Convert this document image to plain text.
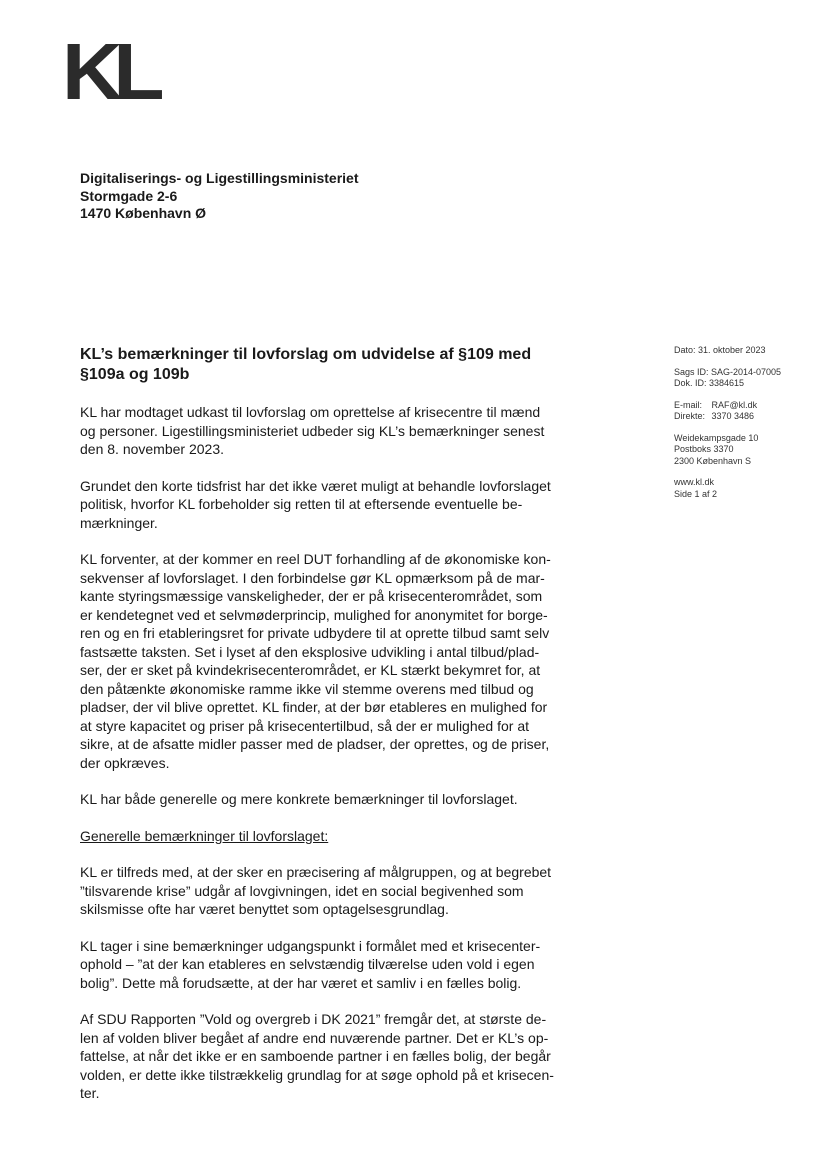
KL
Digitaliserings- og Ligestillingsministeriet
Stormgade 2-6
1470 København Ø
Dato: 31. oktober 2023
Sags ID: SAG-2014-07005
Dok. ID: 3384615
E-mail: RAF@kl.dk
Direkte: 3370 3486
Weidekampsgade 10
Postboks 3370
2300 København S
www.kl.dk
Side 1 af 2
KL’s bemærkninger til lovforslag om udvidelse af §109 med
§109a og 109b

KL har modtaget udkast til lovforslag om oprettelse af krisecentre til mænd
og personer. Ligestillingsministeriet udbeder sig KL’s bemærkninger senest
den 8. november 2023.

Grundet den korte tidsfrist har det ikke været muligt at behandle lovforslaget
politisk, hvorfor KL forbeholder sig retten til at eftersende eventuelle be-
mærkninger.

KL forventer, at der kommer en reel DUT forhandling af de økonomiske kon-
sekvenser af lovforslaget. I den forbindelse gør KL opmærksom på de mar-
kante styringsmæssige vanskeligheder, der er på krisecenterområdet, som
er kendetegnet ved et selvmøderprincip, mulighed for anonymitet for borge-
ren og en fri etableringsret for private udbydere til at oprette tilbud samt selv
fastsætte taksten. Set i lyset af den eksplosive udvikling i antal tilbud/plad-
ser, der er sket på kvindekrisecenterområdet, er KL stærkt bekymret for, at
den påtænkte økonomiske ramme ikke vil stemme overens med tilbud og
pladser, der vil blive oprettet. KL finder, at der bør etableres en mulighed for
at styre kapacitet og priser på krisecentertilbud, så der er mulighed for at
sikre, at de afsatte midler passer med de pladser, der oprettes, og de priser,
der opkræves.

KL har både generelle og mere konkrete bemærkninger til lovforslaget.

Generelle bemærkninger til lovforslaget:

KL er tilfreds med, at der sker en præcisering af målgruppen, og at begrebet
”tilsvarende krise” udgår af lovgivningen, idet en social begivenhed som
skilsmisse ofte har været benyttet som optagelsesgrundlag.

KL tager i sine bemærkninger udgangspunkt i formålet med et krisecenter-
ophold – ”at der kan etableres en selvstændig tilværelse uden vold i egen
bolig”. Dette må forudsætte, at der har været et samliv i en fælles bolig.

Af SDU Rapporten ”Vold og overgreb i DK 2021” fremgår det, at største de-
len af volden bliver begået af andre end nuværende partner. Det er KL’s op-
fattelse, at når det ikke er en samboende partner i en fælles bolig, der begår
volden, er dette ikke tilstrækkelig grundlag for at søge ophold på et krisecen-
ter.
